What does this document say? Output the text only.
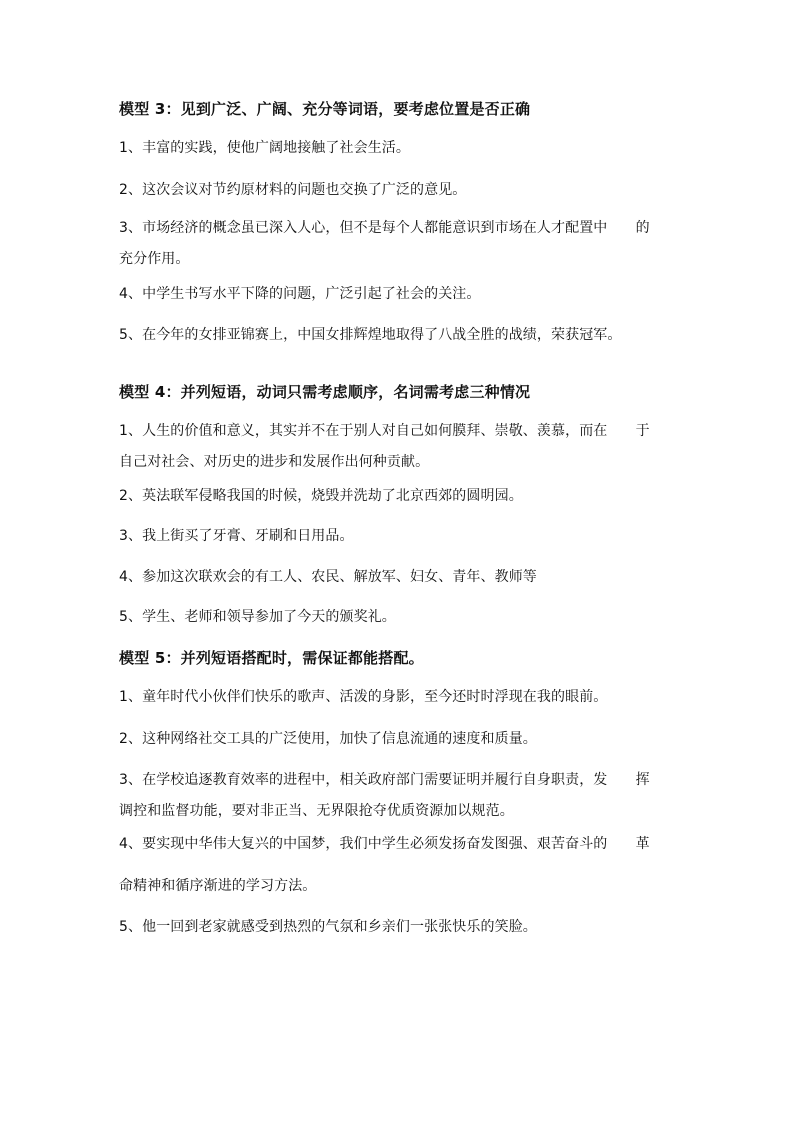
模型 3：见到广泛、广阔、充分等词语，要考虑位置是否正确
1、丰富的实践，使他广阔地接触了社会生活。
2、这次会议对节约原材料的问题也交换了广泛的意见。
3、市场经济的概念虽已深入人心，但不是每个人都能意识到市场在人才配置中　　的
充分作用。
4、中学生书写水平下降的问题，广泛引起了社会的关注。
5、在今年的女排亚锦赛上，中国女排辉煌地取得了八战全胜的战绩，荣获冠军。
模型 4：并列短语，动词只需考虑顺序，名词需考虑三种情况
1、人生的价值和意义，其实并不在于别人对自己如何膜拜、崇敬、羡慕，而在　　于
自己对社会、对历史的进步和发展作出何种贡献。
2、英法联军侵略我国的时候，烧毁并洗劫了北京西郊的圆明园。
3、我上街买了牙膏、牙刷和日用品。
4、参加这次联欢会的有工人、农民、解放军、妇女、青年、教师等
5、学生、老师和领导参加了今天的颁奖礼。
模型 5：并列短语搭配时，需保证都能搭配。
1、童年时代小伙伴们快乐的歌声、活泼的身影，至今还时时浮现在我的眼前。
2、这种网络社交工具的广泛使用，加快了信息流通的速度和质量。
3、在学校追逐教育效率的进程中，相关政府部门需要证明并履行自身职责，发　　挥
调控和监督功能，要对非正当、无界限抢夺优质资源加以规范。
4、要实现中华伟大复兴的中国梦，我们中学生必须发扬奋发图强、艰苦奋斗的　　革
命精神和循序渐进的学习方法。
5、他一回到老家就感受到热烈的气氛和乡亲们一张张快乐的笑脸。
